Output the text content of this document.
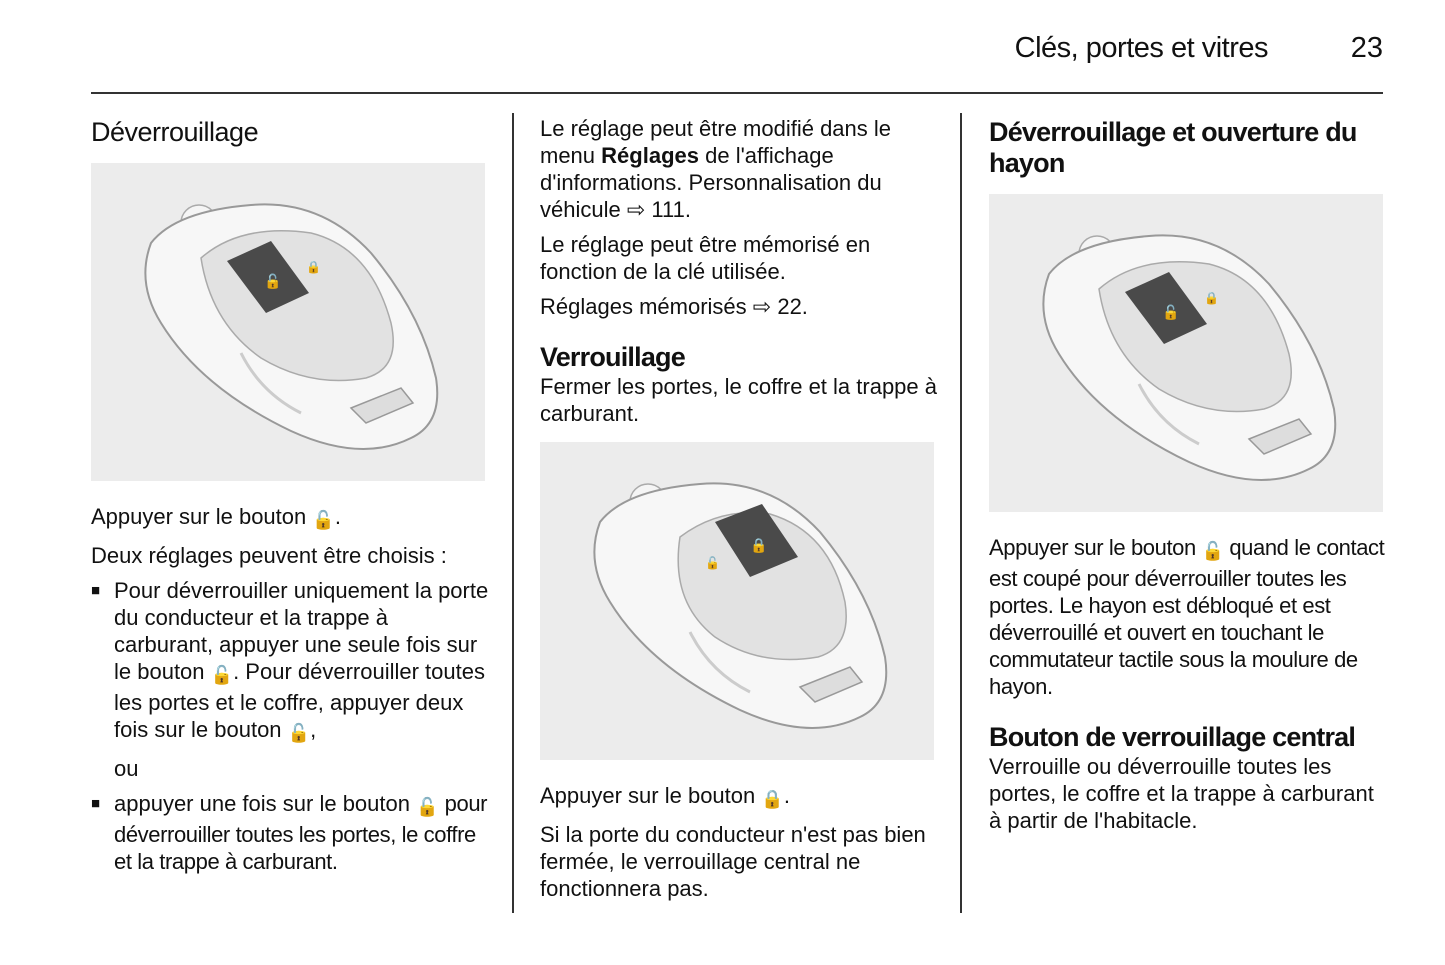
Clés, portes et vitres	23
Déverrouillage
🔓
🔒

Appuyer sur le bouton 🔓.

Deux réglages peuvent être choisis :

■ Pour déverrouiller uniquement la porte du conducteur et la trappe à carburant, appuyer une seule fois sur le bouton 🔓. Pour déverrouiller toutes les portes et le coffre, appuyer deux fois sur le bouton 🔓,

ou

■ appuyer une fois sur le bouton 🔓 pour déverrouiller toutes les portes, le coffre et la trappe à carburant.

Le réglage peut être modifié dans le menu Réglages de l'affichage d'informations. Personnalisation du véhicule ⇨ 111.

Le réglage peut être mémorisé en fonction de la clé utilisée.

Réglages mémorisés ⇨ 22.

Verrouillage

Fermer les portes, le coffre et la trappe à carburant.

🔒
🔓

Appuyer sur le bouton 🔒.

Si la porte du conducteur n'est pas bien fermée, le verrouillage central ne fonctionnera pas.

Déverrouillage et ouverture du hayon
🔓
🔒

Appuyer sur le bouton 🔓 quand le contact est coupé pour déverrouiller toutes les portes. Le hayon est débloqué et est déverrouillé et ouvert en touchant le commutateur tactile sous la moulure de hayon.

Bouton de verrouillage central

Verrouille ou déverrouille toutes les portes, le coffre et la trappe à carburant à partir de l'habitacle.
